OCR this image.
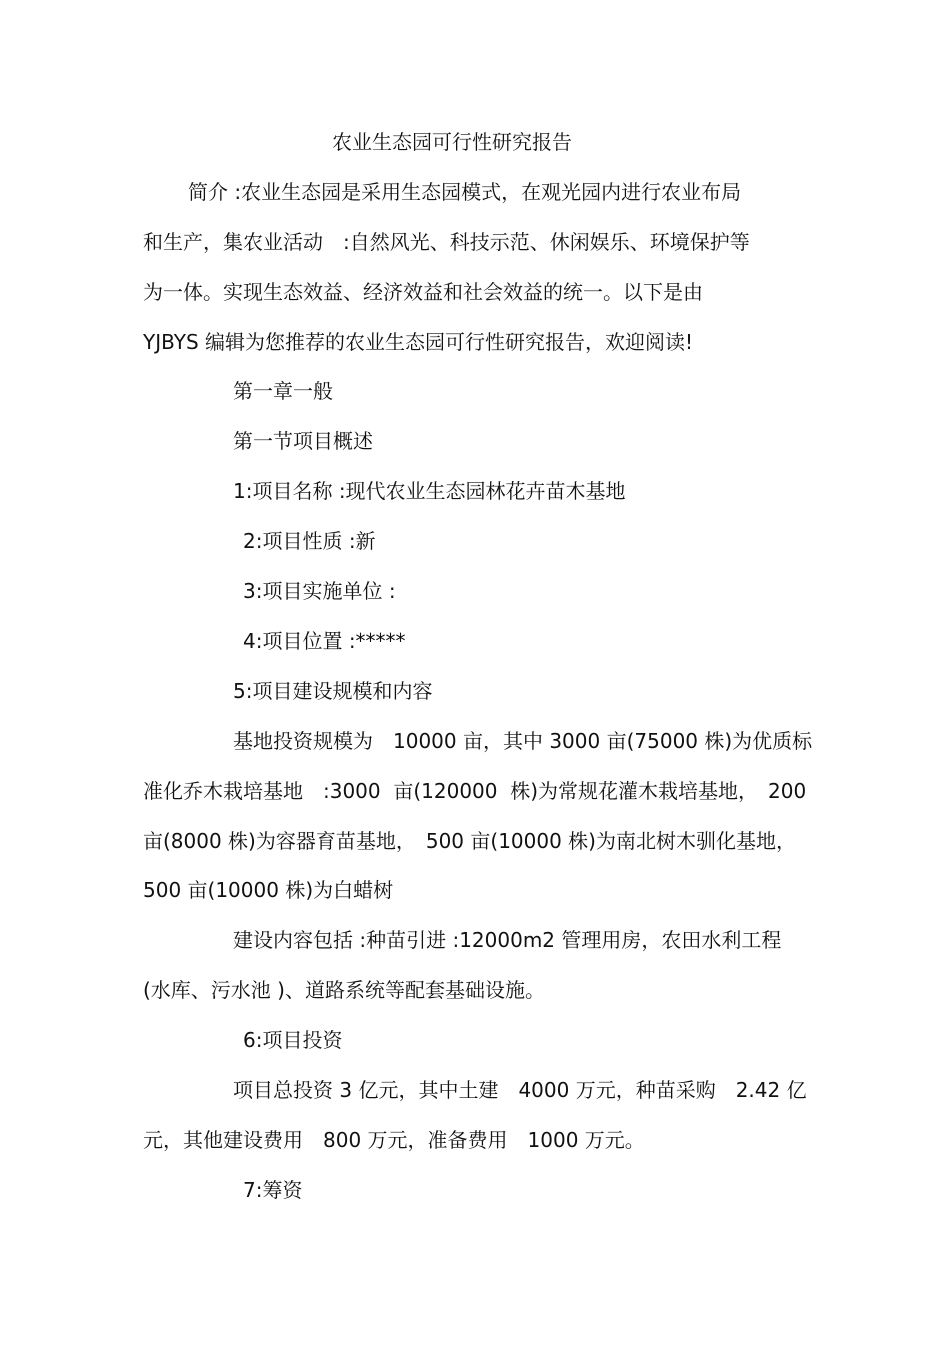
农业生态园可行性研究报告
简介 :农业生态园是采用生态园模式，在观光园内进行农业布局
和生产，集农业活动　:自然风光、科技示范、休闲娱乐、环境保护等
为一体。实现生态效益、经济效益和社会效益的统一。以下是由
YJBYS 编辑为您推荐的农业生态园可行性研究报告，欢迎阅读!
第一章一般
第一节项目概述
1:项目名称 :现代农业生态园林花卉苗木基地
2:项目性质 :新
3:项目实施单位 :
4:项目位置 :*****
5:项目建设规模和内容
基地投资规模为　10000 亩，其中 3000 亩(75000 株)为优质标
准化乔木栽培基地　:3000  亩(120000  株)为常规花灌木栽培基地，　200
亩(8000 株)为容器育苗基地，　500 亩(10000 株)为南北树木驯化基地，
500 亩(10000 株)为白蜡树
建设内容包括 :种苗引进 :12000m2 管理用房，农田水利工程
(水库、污水池 )、道路系统等配套基础设施。
6:项目投资
项目总投资 3 亿元，其中土建　4000 万元，种苗采购　2.42 亿
元，其他建设费用　800 万元，准备费用　1000 万元。
7:筹资
